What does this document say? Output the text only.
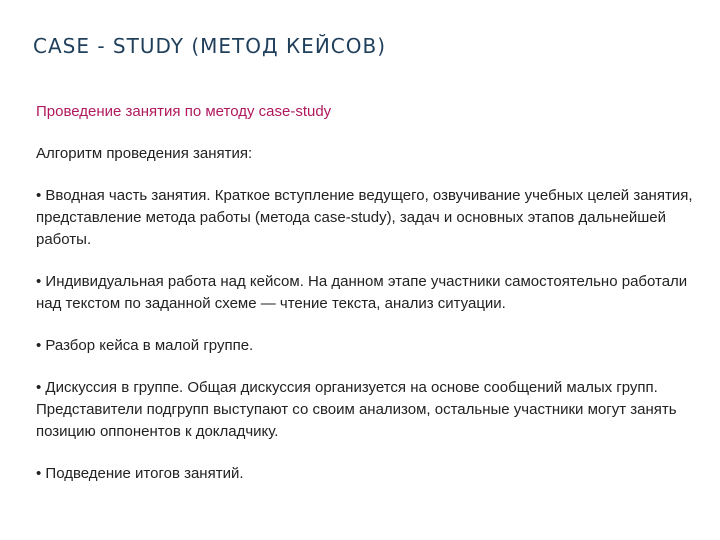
CASE - STUDY (МЕТОД КЕЙСОВ)

Проведение занятия по методу case-study

Алгоритм проведения занятия:

• Вводная часть занятия. Краткое вступление ведущего, озвучивание учебных целей занятия, представление метода работы (метода case-study), задач и основных этапов дальнейшей работы.

• Индивидуальная работа над кейсом. На данном этапе участники самостоятельно работали над текстом по заданной схеме — чтение текста, анализ ситуации.

• Разбор кейса в малой группе.

• Дискуссия в группе. Общая дискуссия организуется на основе сообщений малых групп. Представители подгрупп выступают со своим анализом, остальные участники могут занять позицию оппонентов к докладчику.

• Подведение итогов занятий.
